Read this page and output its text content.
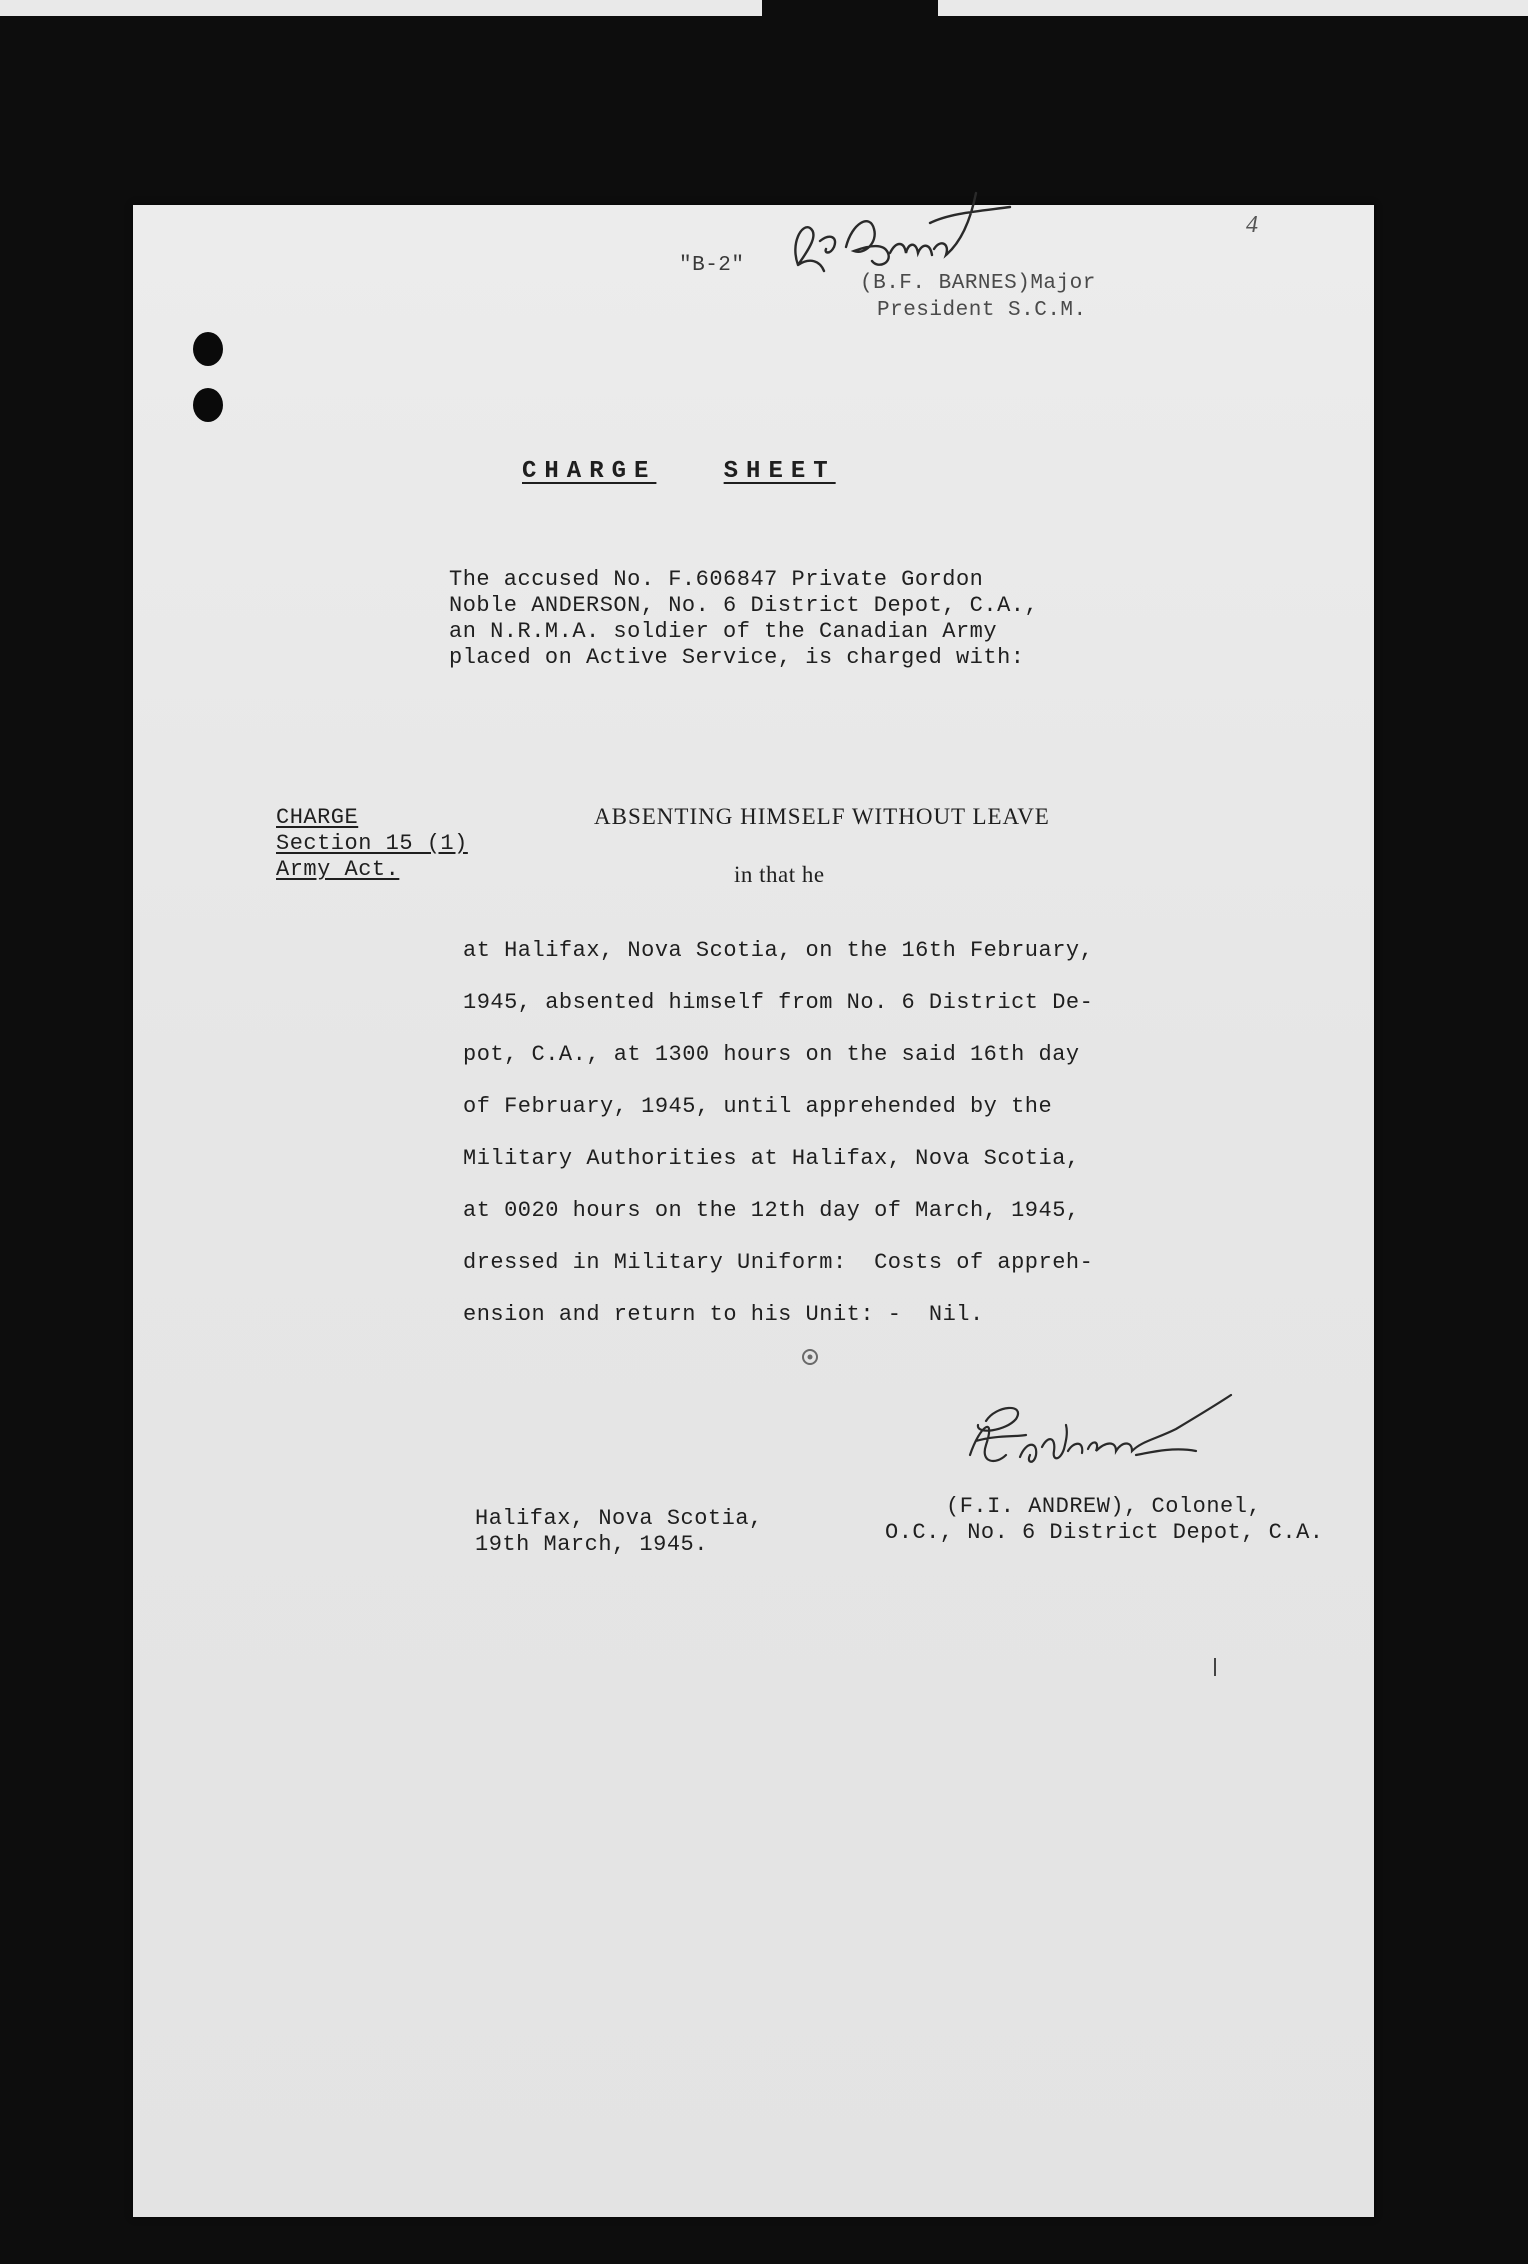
4
"B-2"
(B.F. BARNES)Major
President S.C.M.
CHARGE	SHEET
The accused No. F.606847 Private Gordon
Noble ANDERSON, No. 6 District Depot, C.A.,
an N.R.M.A. soldier of the Canadian Army
placed on Active Service, is charged with:
CHARGE
Section 15 (1)
Army Act.
ABSENTING HIMSELF WITHOUT LEAVE
in that he
at Halifax, Nova Scotia, on the 16th February,
1945, absented himself from No. 6 District De-
pot, C.A., at 1300 hours on the said 16th day
of February, 1945, until apprehended by the
Military Authorities at Halifax, Nova Scotia,
at 0020 hours on the 12th day of March, 1945,
dressed in Military Uniform:  Costs of appreh-
ension and return to his Unit: -  Nil.
Halifax, Nova Scotia,
19th March, 1945.
(F.I. ANDREW), Colonel,
O.C., No. 6 District Depot, C.A.
